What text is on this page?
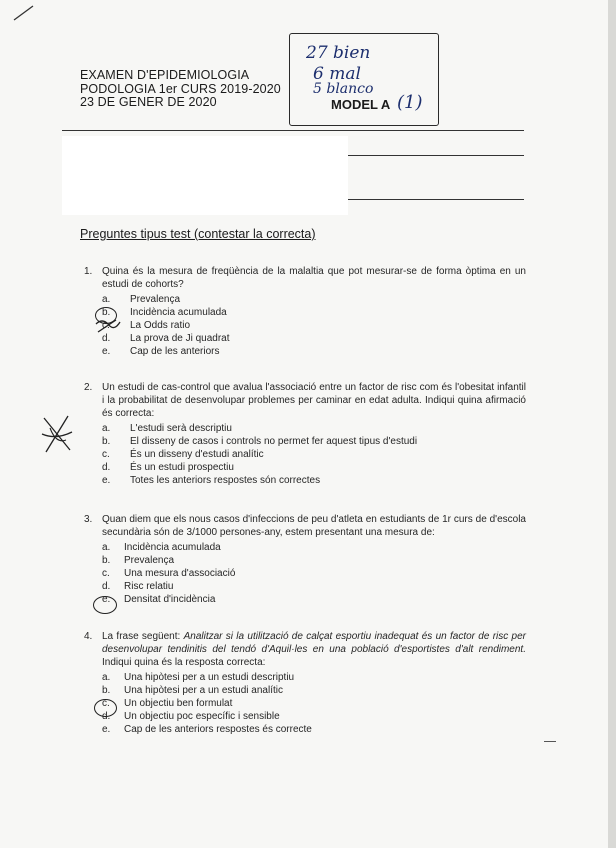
EXAMEN D'EPIDEMIOLOGIA
PODOLOGIA 1er CURS 2019-2020
23 DE GENER DE 2020
27 bien
6 mal
5 blanco
MODEL A (1)
Preguntes tipus test (contestar la correcta)
1. Quina és la mesura de freqüència de la malaltia que pot mesurar-se de forma òptima en un estudi de cohorts?
a. Prevalença
b. Incidència acumulada
c. La Odds ratio
d. La prova de Ji quadrat
e. Cap de les anteriors
2. Un estudi de cas-control que avalua l'associació entre un factor de risc com és l'obesitat infantil i la probabilitat de desenvolupar problemes per caminar en edat adulta. Indiqui quina afirmació és correcta:
a. L'estudi serà descriptiu
b. El disseny de casos i controls no permet fer aquest tipus d'estudi
c. És un disseny d'estudi analític
d. És un estudi prospectiu
e. Totes les anteriors respostes són correctes
3. Quan diem que els nous casos d'infeccions de peu d'atleta en estudiants de 1r curs de d'escola secundària són de 3/1000 persones-any, estem presentant una mesura de:
a. Incidència acumulada
b. Prevalença
c. Una mesura d'associació
d. Risc relatiu
e. Densitat d'incidència
4. La frase següent: Analitzar si la utilització de calçat esportiu inadequat és un factor de risc per desenvolupar tendinitis del tendó d'Aquil·les en una població d'esportistes d'alt rendiment. Indiqui quina és la resposta correcta:
a. Una hipòtesi per a un estudi descriptiu
b. Una hipòtesi per a un estudi analític
c. Un objectiu ben formulat
d. Un objectiu poc específic i sensible
e. Cap de les anteriors respostes és correcte
